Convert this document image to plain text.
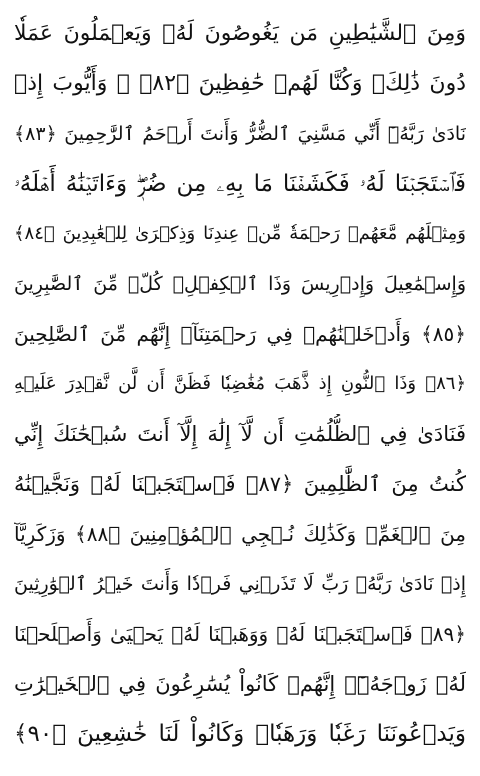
وَمِنَ ٱلشَّيَٰطِينِ مَن يَغُوصُونَ لَهُۥ وَيَعۡمَلُونَ عَمَلٗا
دُونَ ذَٰلِكَۖ وَكُنَّا لَهُمۡ حَٰفِظِينَ ﴿٨٢﴾ ۞ وَأَيُّوبَ إِذۡ
نَادَىٰ رَبَّهُۥٓ أَنِّي مَسَّنِيَ ٱلضُّرُّ وَأَنتَ أَرۡحَمُ ٱلرَّٰحِمِينَ ﴿٨٣﴾
فَٱسۡتَجَبۡنَا لَهُۥ فَكَشَفۡنَا مَا بِهِۦ مِن ضُرّٖۖ وَءَاتَيۡنَٰهُ أَهۡلَهُۥ
وَمِثۡلَهُم مَّعَهُمۡ رَحۡمَةٗ مِّنۡ عِندِنَا وَذِكۡرَىٰ لِلۡعَٰبِدِينَ ﴿٨٤﴾
وَإِسۡمَٰعِيلَ وَإِدۡرِيسَ وَذَا ٱلۡكِفۡلِۖ كُلّٞ مِّنَ ٱلصَّٰبِرِينَ
﴿٨٥﴾ وَأَدۡخَلۡنَٰهُمۡ فِي رَحۡمَتِنَآۖ إِنَّهُم مِّنَ ٱلصَّٰلِحِينَ
﴿٨٦﴾ وَذَا ٱلنُّونِ إِذ ذَّهَبَ مُغَٰضِبٗا فَظَنَّ أَن لَّن نَّقۡدِرَ عَلَيۡهِ
فَنَادَىٰ فِي ٱلظُّلُمَٰتِ أَن لَّآ إِلَٰهَ إِلَّآ أَنتَ سُبۡحَٰنَكَ إِنِّي
كُنتُ مِنَ ٱلظَّٰلِمِينَ ﴿٨٧﴾ فَٱسۡتَجَبۡنَا لَهُۥ وَنَجَّيۡنَٰهُ
مِنَ ٱلۡغَمِّۚ وَكَذَٰلِكَ نُـۨجِي ٱلۡمُؤۡمِنِينَ ﴿٨٨﴾ وَزَكَرِيَّآ
إِذۡ نَادَىٰ رَبَّهُۥ رَبِّ لَا تَذَرۡنِي فَرۡدٗا وَأَنتَ خَيۡرُ ٱلۡوَٰرِثِينَ
﴿٨٩﴾ فَٱسۡتَجَبۡنَا لَهُۥ وَوَهَبۡنَا لَهُۥ يَحۡيَىٰ وَأَصۡلَحۡنَا
لَهُۥ زَوۡجَهُۥٓۚ إِنَّهُمۡ كَانُواْ يُسَٰرِعُونَ فِي ٱلۡخَيۡرَٰتِ
وَيَدۡعُونَنَا رَغَبٗا وَرَهَبٗاۖ وَكَانُواْ لَنَا خَٰشِعِينَ ﴿٩٠﴾
